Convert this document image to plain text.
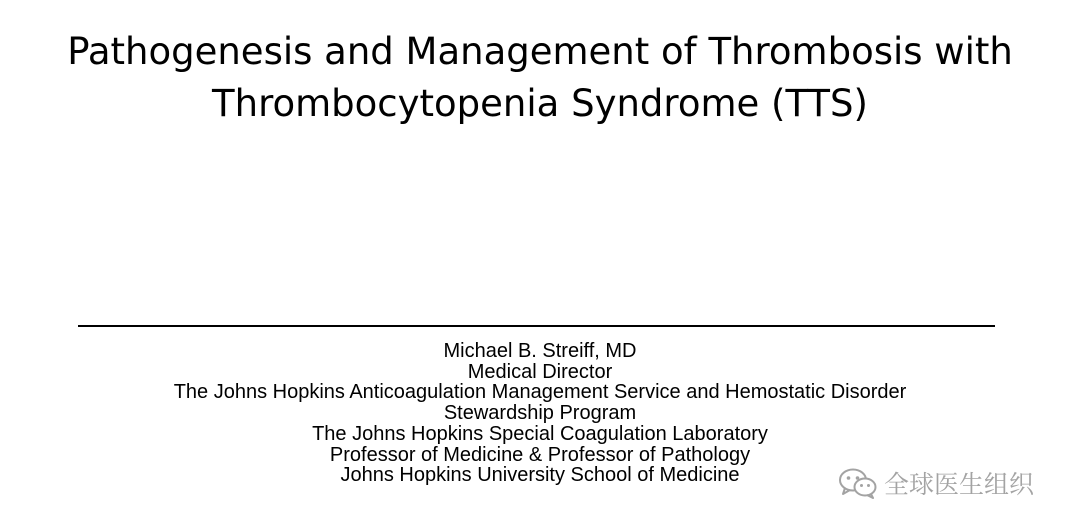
Pathogenesis and Management of Thrombosis with
Thrombocytopenia Syndrome (TTS)
Michael B. Streiff, MD
Medical Director
The Johns Hopkins Anticoagulation Management Service and Hemostatic Disorder
Stewardship Program
The Johns Hopkins Special Coagulation Laboratory
Professor of Medicine & Professor of Pathology
Johns Hopkins University School of Medicine	全球医生组织
